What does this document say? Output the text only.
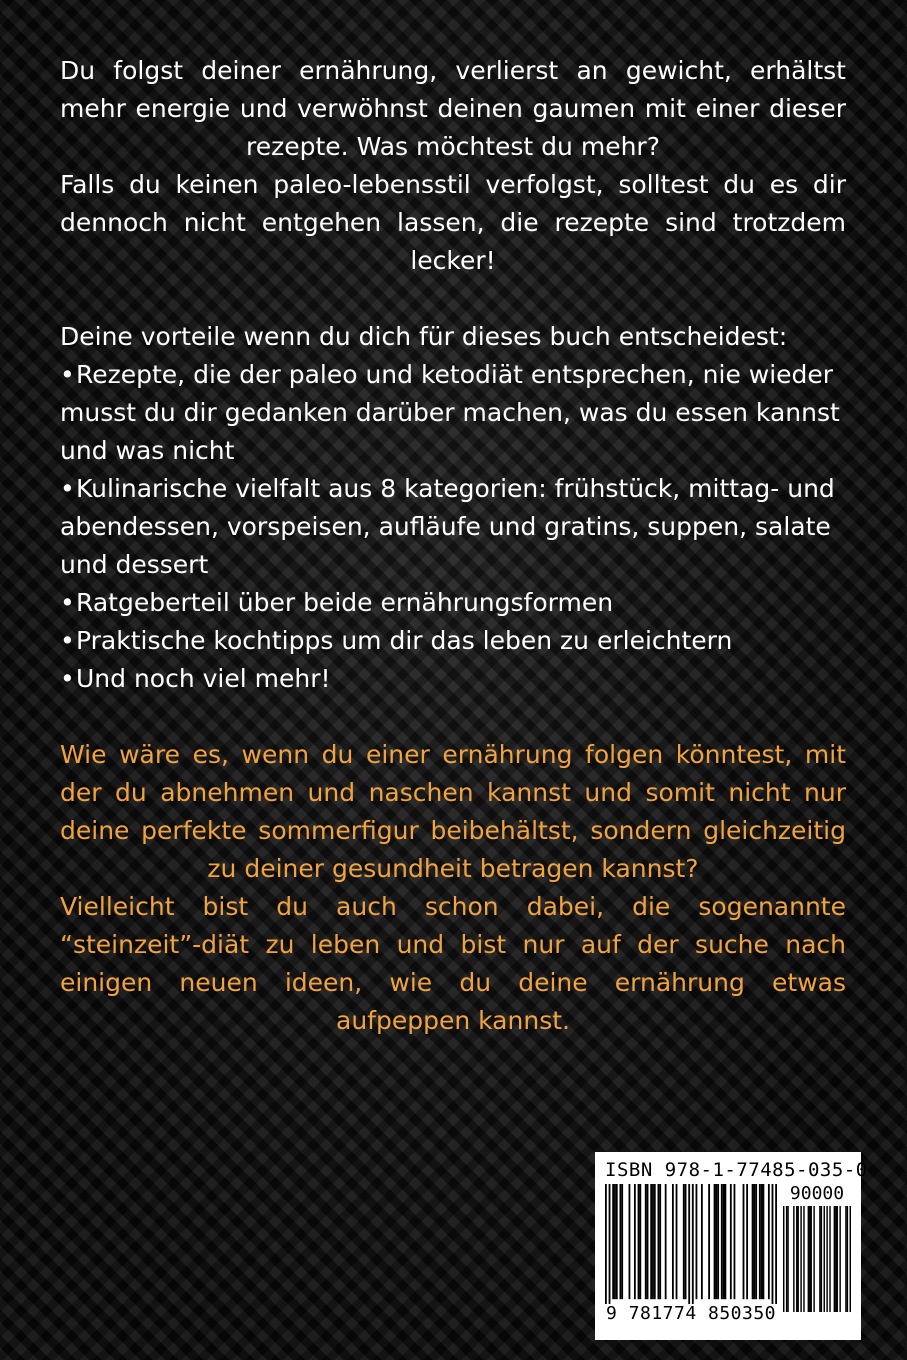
Du folgst deiner ernährung, verlierst an gewicht, erhältst mehr energie und verwöhnst deinen gaumen mit einer dieser rezepte. Was möchtest du mehr?

Falls du keinen paleo-lebensstil verfolgst, solltest du es dir dennoch nicht entgehen lassen, die rezepte sind trotzdem lecker!

Deine vorteile wenn du dich für dieses buch entscheidest:

•Rezepte, die der paleo und ketodiät entsprechen, nie wieder musst du dir gedanken darüber machen, was du essen kannst und was nicht

•Kulinarische vielfalt aus 8 kategorien: frühstück, mittag- und abendessen, vorspeisen, aufläufe und gratins, suppen, salate und dessert

•Ratgeberteil über beide ernährungsformen

•Praktische kochtipps um dir das leben zu erleichtern

•Und noch viel mehr!

Wie wäre es, wenn du einer ernährung folgen könntest, mit der du abnehmen und naschen kannst und somit nicht nur deine perfekte sommerfigur beibehältst, sondern gleichzeitig zu deiner gesundheit betragen kannst?

Vielleicht bist du auch schon dabei, die sogenannte “steinzeit”-diät zu leben und bist nur auf der suche nach einigen neuen ideen, wie du deine ernährung etwas aufpeppen kannst.

ISBN 978-1-77485-035-0

90000
9 781774 850350
